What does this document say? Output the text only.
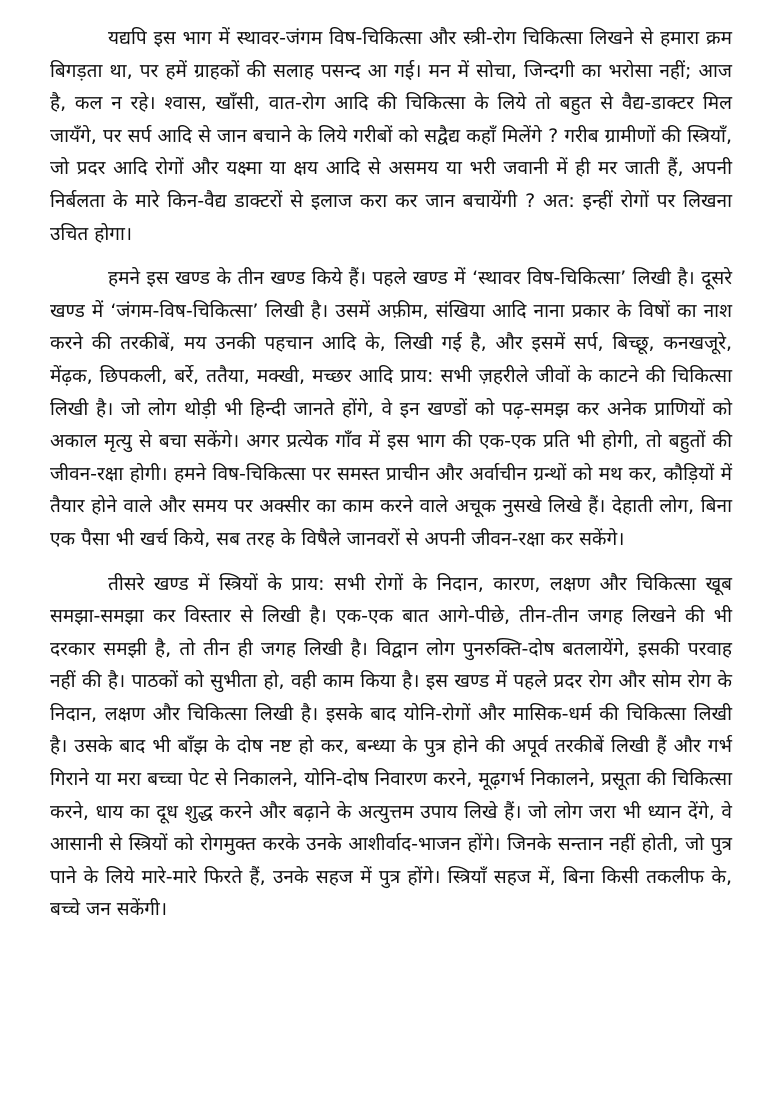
यद्यपि इस भाग में स्थावर-जंगम विष-चिकित्सा और स्त्री-रोग चिकित्सा लिखने से हमारा क्रम बिगड़ता था, पर हमें ग्राहकों की सलाह पसन्द आ गई। मन में सोचा, जिन्दगी का भरोसा नहीं; आज है, कल न रहे। श्वास, खाँसी, वात-रोग आदि की चिकित्सा के लिये तो बहुत से वैद्य-डाक्टर मिल जायँगे, पर सर्प आदि से जान बचाने के लिये गरीबों को सद्वैद्य कहाँ मिलेंगे ? गरीब ग्रामीणों की स्त्रियाँ, जो प्रदर आदि रोगों और यक्ष्मा या क्षय आदि से असमय या भरी जवानी में ही मर जाती हैं, अपनी निर्बलता के मारे किन-वैद्य डाक्टरों से इलाज करा कर जान बचायेंगी ? अत: इन्हीं रोगों पर लिखना उचित होगा।

हमने इस खण्ड के तीन खण्ड किये हैं। पहले खण्ड में ‘स्थावर विष-चिकित्सा’ लिखी है। दूसरे खण्ड में ‘जंगम-विष-चिकित्सा’ लिखी है। उसमें अफ़ीम, संखिया आदि नाना प्रकार के विषों का नाश करने की तरकीबें, मय उनकी पहचान आदि के, लिखी गई है, और इसमें सर्प, बिच्छू, कनखजूरे, मेंढ़क, छिपकली, बर्रे, ततैया, मक्खी, मच्छर आदि प्राय: सभी ज़हरीले जीवों के काटने की चिकित्सा लिखी है। जो लोग थोड़ी भी हिन्दी जानते होंगे, वे इन खण्डों को पढ़-समझ कर अनेक प्राणियों को अकाल मृत्यु से बचा सकेंगे। अगर प्रत्येक गाँव में इस भाग की एक-एक प्रति भी होगी, तो बहुतों की जीवन-रक्षा होगी। हमने विष-चिकित्सा पर समस्त प्राचीन और अर्वाचीन ग्रन्थों को मथ कर, कौड़ियों में तैयार होने वाले और समय पर अक्सीर का काम करने वाले अचूक नुसखे लिखे हैं। देहाती लोग, बिना एक पैसा भी खर्च किये, सब तरह के विषैले जानवरों से अपनी जीवन-रक्षा कर सकेंगे।

तीसरे खण्ड में स्त्रियों के प्राय: सभी रोगों के निदान, कारण, लक्षण और चिकित्सा खूब समझा-समझा कर विस्तार से लिखी है। एक-एक बात आगे-पीछे, तीन-तीन जगह लिखने की भी दरकार समझी है, तो तीन ही जगह लिखी है। विद्वान लोग पुनरुक्ति-दोष बतलायेंगे, इसकी परवाह नहीं की है। पाठकों को सुभीता हो, वही काम किया है। इस खण्ड में पहले प्रदर रोग और सोम रोग के निदान, लक्षण और चिकित्सा लिखी है। इसके बाद योनि-रोगों और मासिक-धर्म की चिकित्सा लिखी है। उसके बाद भी बाँझ के दोष नष्ट हो कर, बन्ध्या के पुत्र होने की अपूर्व तरकीबें लिखी हैं और गर्भ गिराने या मरा बच्चा पेट से निकालने, योनि-दोष निवारण करने, मूढ़गर्भ निकालने, प्रसूता की चिकित्सा करने, धाय का दूध शुद्ध करने और बढ़ाने के अत्युत्तम उपाय लिखे हैं। जो लोग जरा भी ध्यान देंगे, वे आसानी से स्त्रियों को रोगमुक्त करके उनके आशीर्वाद-भाजन होंगे। जिनके सन्तान नहीं होती, जो पुत्र पाने के लिये मारे-मारे फिरते हैं, उनके सहज में पुत्र होंगे। स्त्रियाँ सहज में, बिना किसी तकलीफ के, बच्चे जन सकेंगी।
